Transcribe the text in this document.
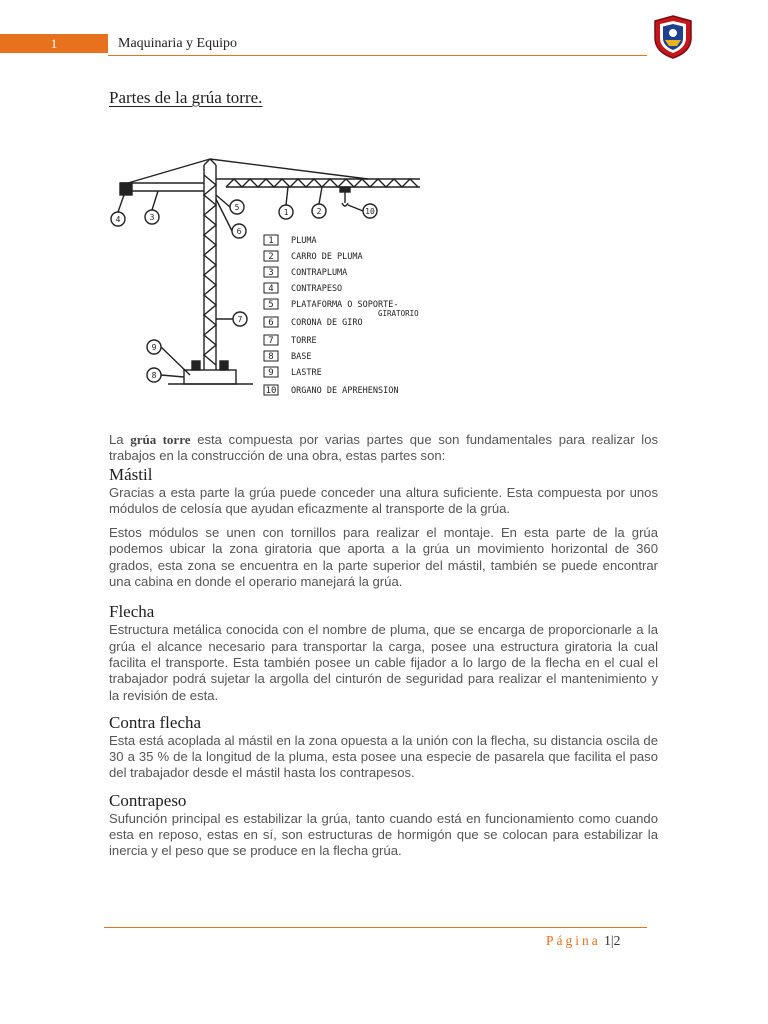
1	Maquinaria y Equipo
Partes de la grúa torre.
4	3
1	2	10
5
6
7
9
8
1 PLUMA
2 CARRO DE PLUMA
3 CONTRAPLUMA
4 CONTRAPESO
5 PLATAFORMA O SOPORTE-
GIRATORIO
6 CORONA DE GIRO
7 TORRE
8 BASE
9 LASTRE
10 ORGANO DE APREHENSION

La grúa torre esta compuesta por varias partes que son fundamentales para realizar los trabajos en la construcción de una obra, estas partes son:

Mástil

Gracias a esta parte la grúa puede conceder una altura suficiente. Esta compuesta por unos módulos de celosía que ayudan eficazmente al transporte de la grúa.

Estos módulos se unen con tornillos para realizar el montaje. En esta parte de la grúa podemos ubicar la zona giratoria que aporta a la grúa un movimiento horizontal de 360 grados, esta zona se encuentra en la parte superior del mástil, también se puede encontrar una cabina en donde el operario manejará la grúa.

Flecha

Estructura metálica conocida con el nombre de pluma, que se encarga de proporcionarle a la grúa el alcance necesario para transportar la carga, posee una estructura giratoria la cual facilita el transporte. Esta también posee un cable fijador a lo largo de la flecha en el cual el trabajador podrá sujetar la argolla del cinturón de seguridad para realizar el mantenimiento y la revisión de esta.

Contra flecha

Esta está acoplada al mástil en la zona opuesta a la unión con la flecha, su distancia oscila de 30 a 35 % de la longitud de la pluma, esta posee una especie de pasarela que facilita el paso del trabajador desde el mástil hasta los contrapesos.

Contrapeso

Sufunción principal es estabilizar la grúa, tanto cuando está en funcionamiento como cuando esta en reposo, estas en sí, son estructuras de hormigón que se colocan para estabilizar la inercia y el peso que se produce en la flecha grúa.

Página 1|2
